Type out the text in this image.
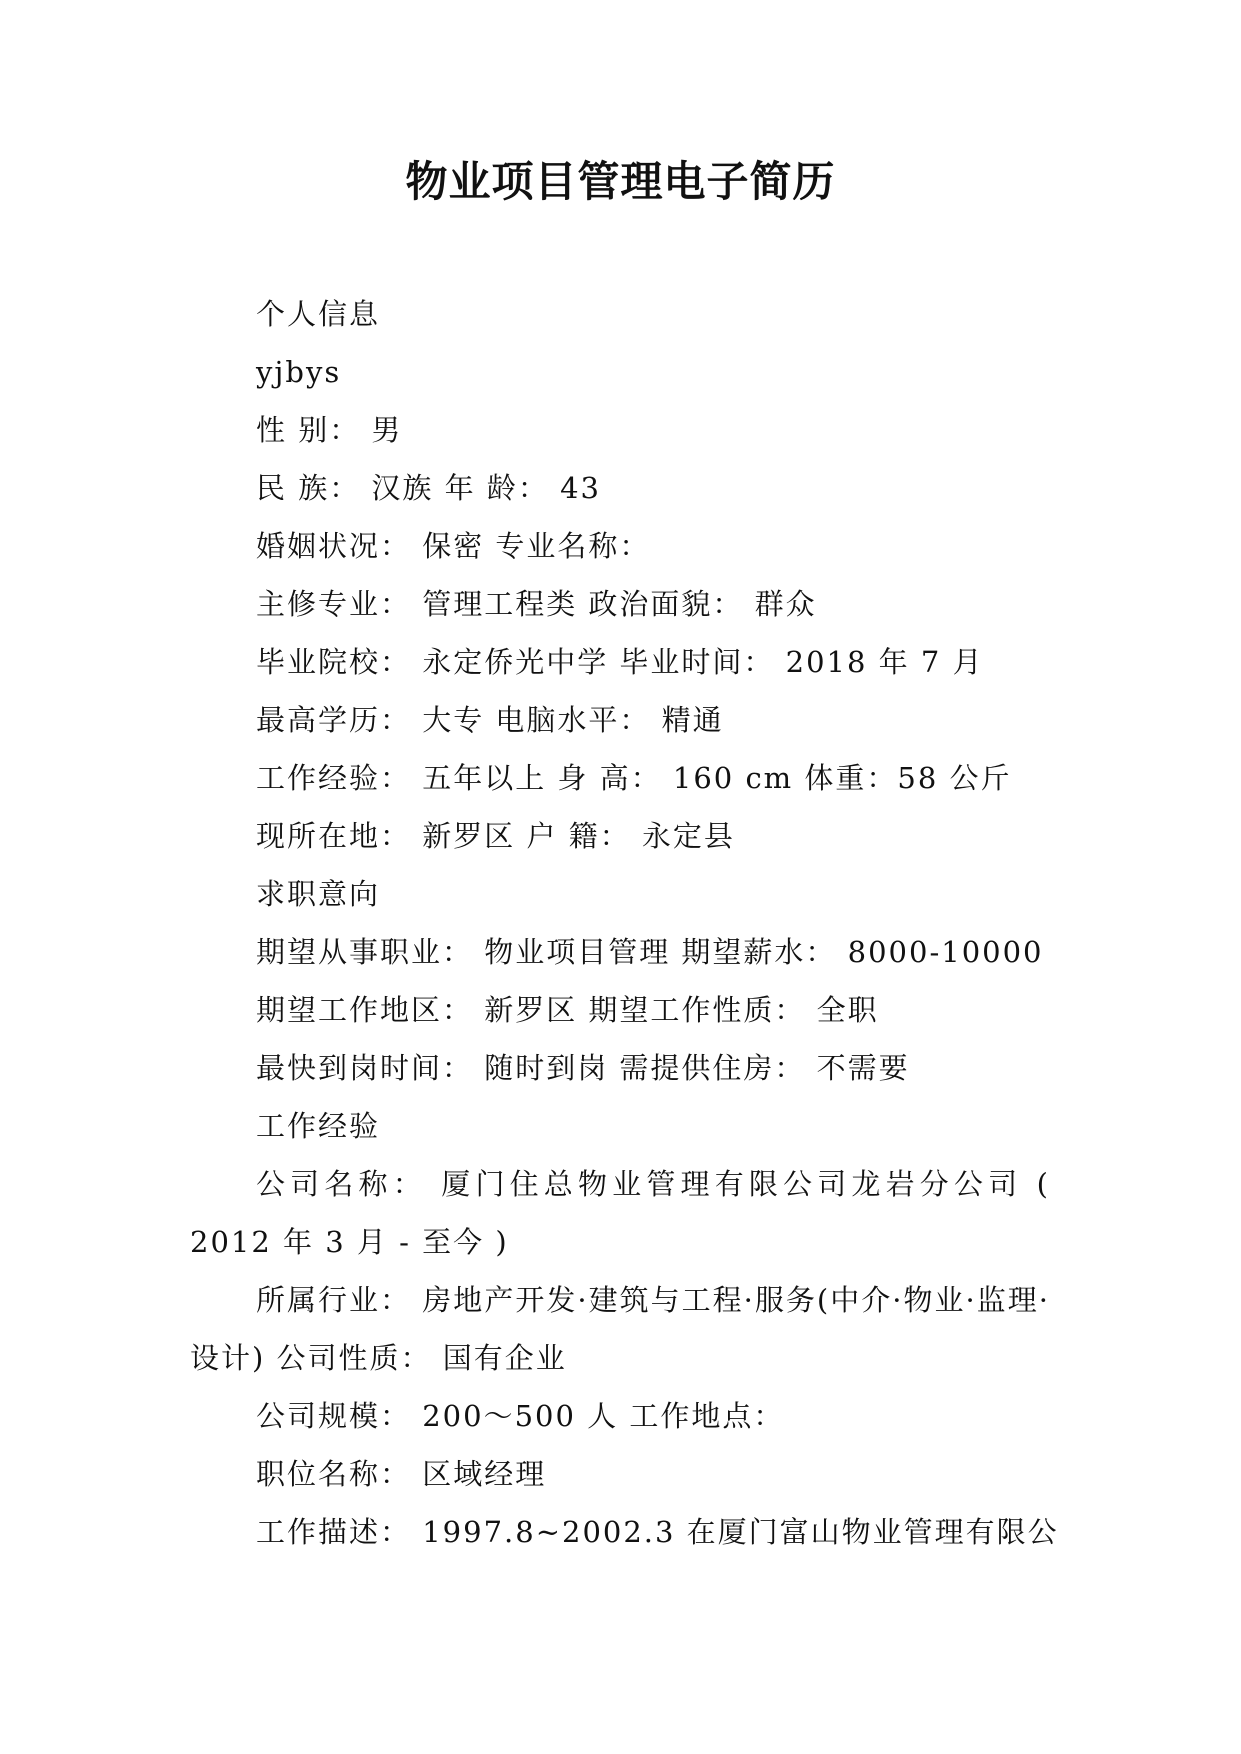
物业项目管理电子简历
个人信息
yjbys
性 别： 男
民 族： 汉族 年 龄： 43
婚姻状况： 保密 专业名称：
主修专业： 管理工程类 政治面貌： 群众
毕业院校： 永定侨光中学 毕业时间： 2018 年 7 月
最高学历： 大专 电脑水平： 精通
工作经验： 五年以上 身 高： 160 cm 体重：58 公斤
现所在地： 新罗区 户 籍： 永定县
求职意向
期望从事职业： 物业项目管理 期望薪水： 8000-10000
期望工作地区： 新罗区 期望工作性质： 全职
最快到岗时间： 随时到岗 需提供住房： 不需要
工作经验
公司名称： 厦门住总物业管理有限公司龙岩分公司 ( 2012 年 3 月 - 至今 )
所属行业： 房地产开发·建筑与工程·服务(中介·物业·监理·设计) 公司性质： 国有企业
公司规模： 200～500 人 工作地点：
职位名称： 区域经理
工作描述： 1997.8~2002.3 在厦门富山物业管理有限公
